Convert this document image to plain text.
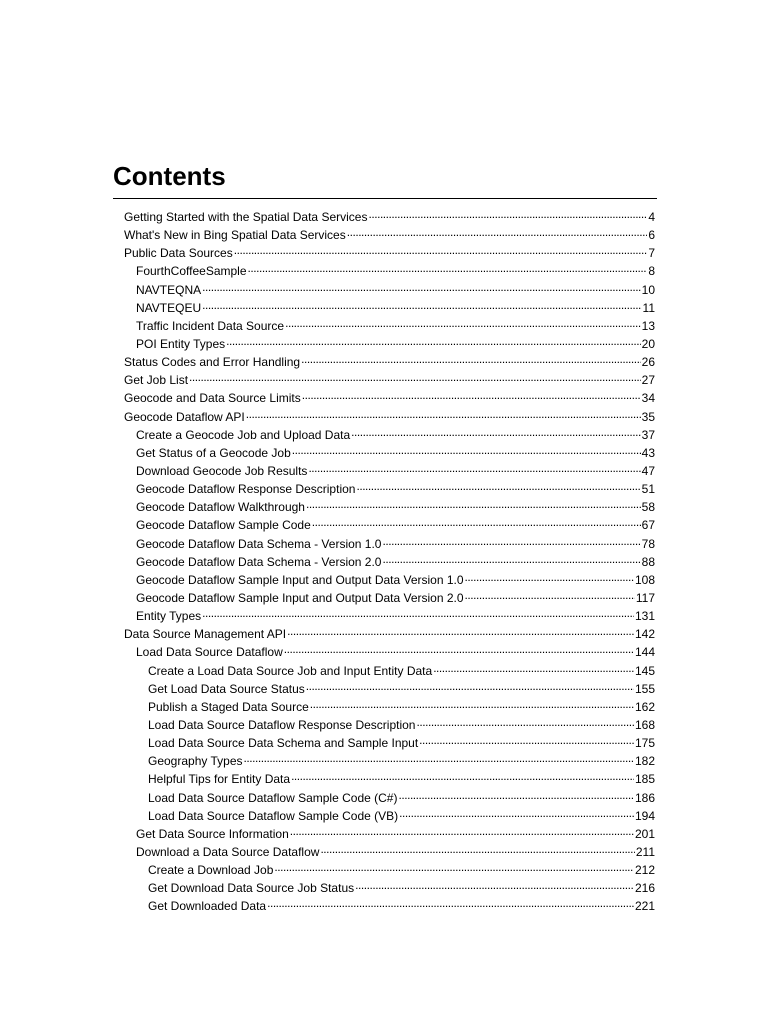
Contents
Getting Started with the Spatial Data Services . . .	4
What's New in Bing Spatial Data Services . . .	6
Public Data Sources . . .	7
FourthCoffeeSample . . .	8
NAVTEQNA . . .	10
NAVTEQEU . . .	11
Traffic Incident Data Source . . .	13
POI Entity Types . . .	20
Status Codes and Error Handling . . .	26
Get Job List . . .	27
Geocode and Data Source Limits . . .	34
Geocode Dataflow API . . .	35
Create a Geocode Job and Upload Data . . .	37
Get Status of a Geocode Job . . .	43
Download Geocode Job Results . . .	47
Geocode Dataflow Response Description . . .	51
Geocode Dataflow Walkthrough . . .	58
Geocode Dataflow Sample Code . . .	67
Geocode Dataflow Data Schema - Version 1.0 . . .	78
Geocode Dataflow Data Schema - Version 2.0 . . .	88
Geocode Dataflow Sample Input and Output Data Version 1.0 . . .	108
Geocode Dataflow Sample Input and Output Data Version 2.0 . . .	117
Entity Types . . .	131
Data Source Management API . . .	142
Load Data Source Dataflow . . .	144
Create a Load Data Source Job and Input Entity Data . . .	145
Get Load Data Source Status . . .	155
Publish a Staged Data Source . . .	162
Load Data Source Dataflow Response Description . . .	168
Load Data Source Data Schema and Sample Input . . .	175
Geography Types . . .	182
Helpful Tips for Entity Data . . .	185
Load Data Source Dataflow Sample Code (C#) . . .	186
Load Data Source Dataflow Sample Code (VB) . . .	194
Get Data Source Information . . .	201
Download a Data Source Dataflow . . .	211
Create a Download Job . . .	212
Get Download Data Source Job Status . . .	216
Get Downloaded Data . . .	221
